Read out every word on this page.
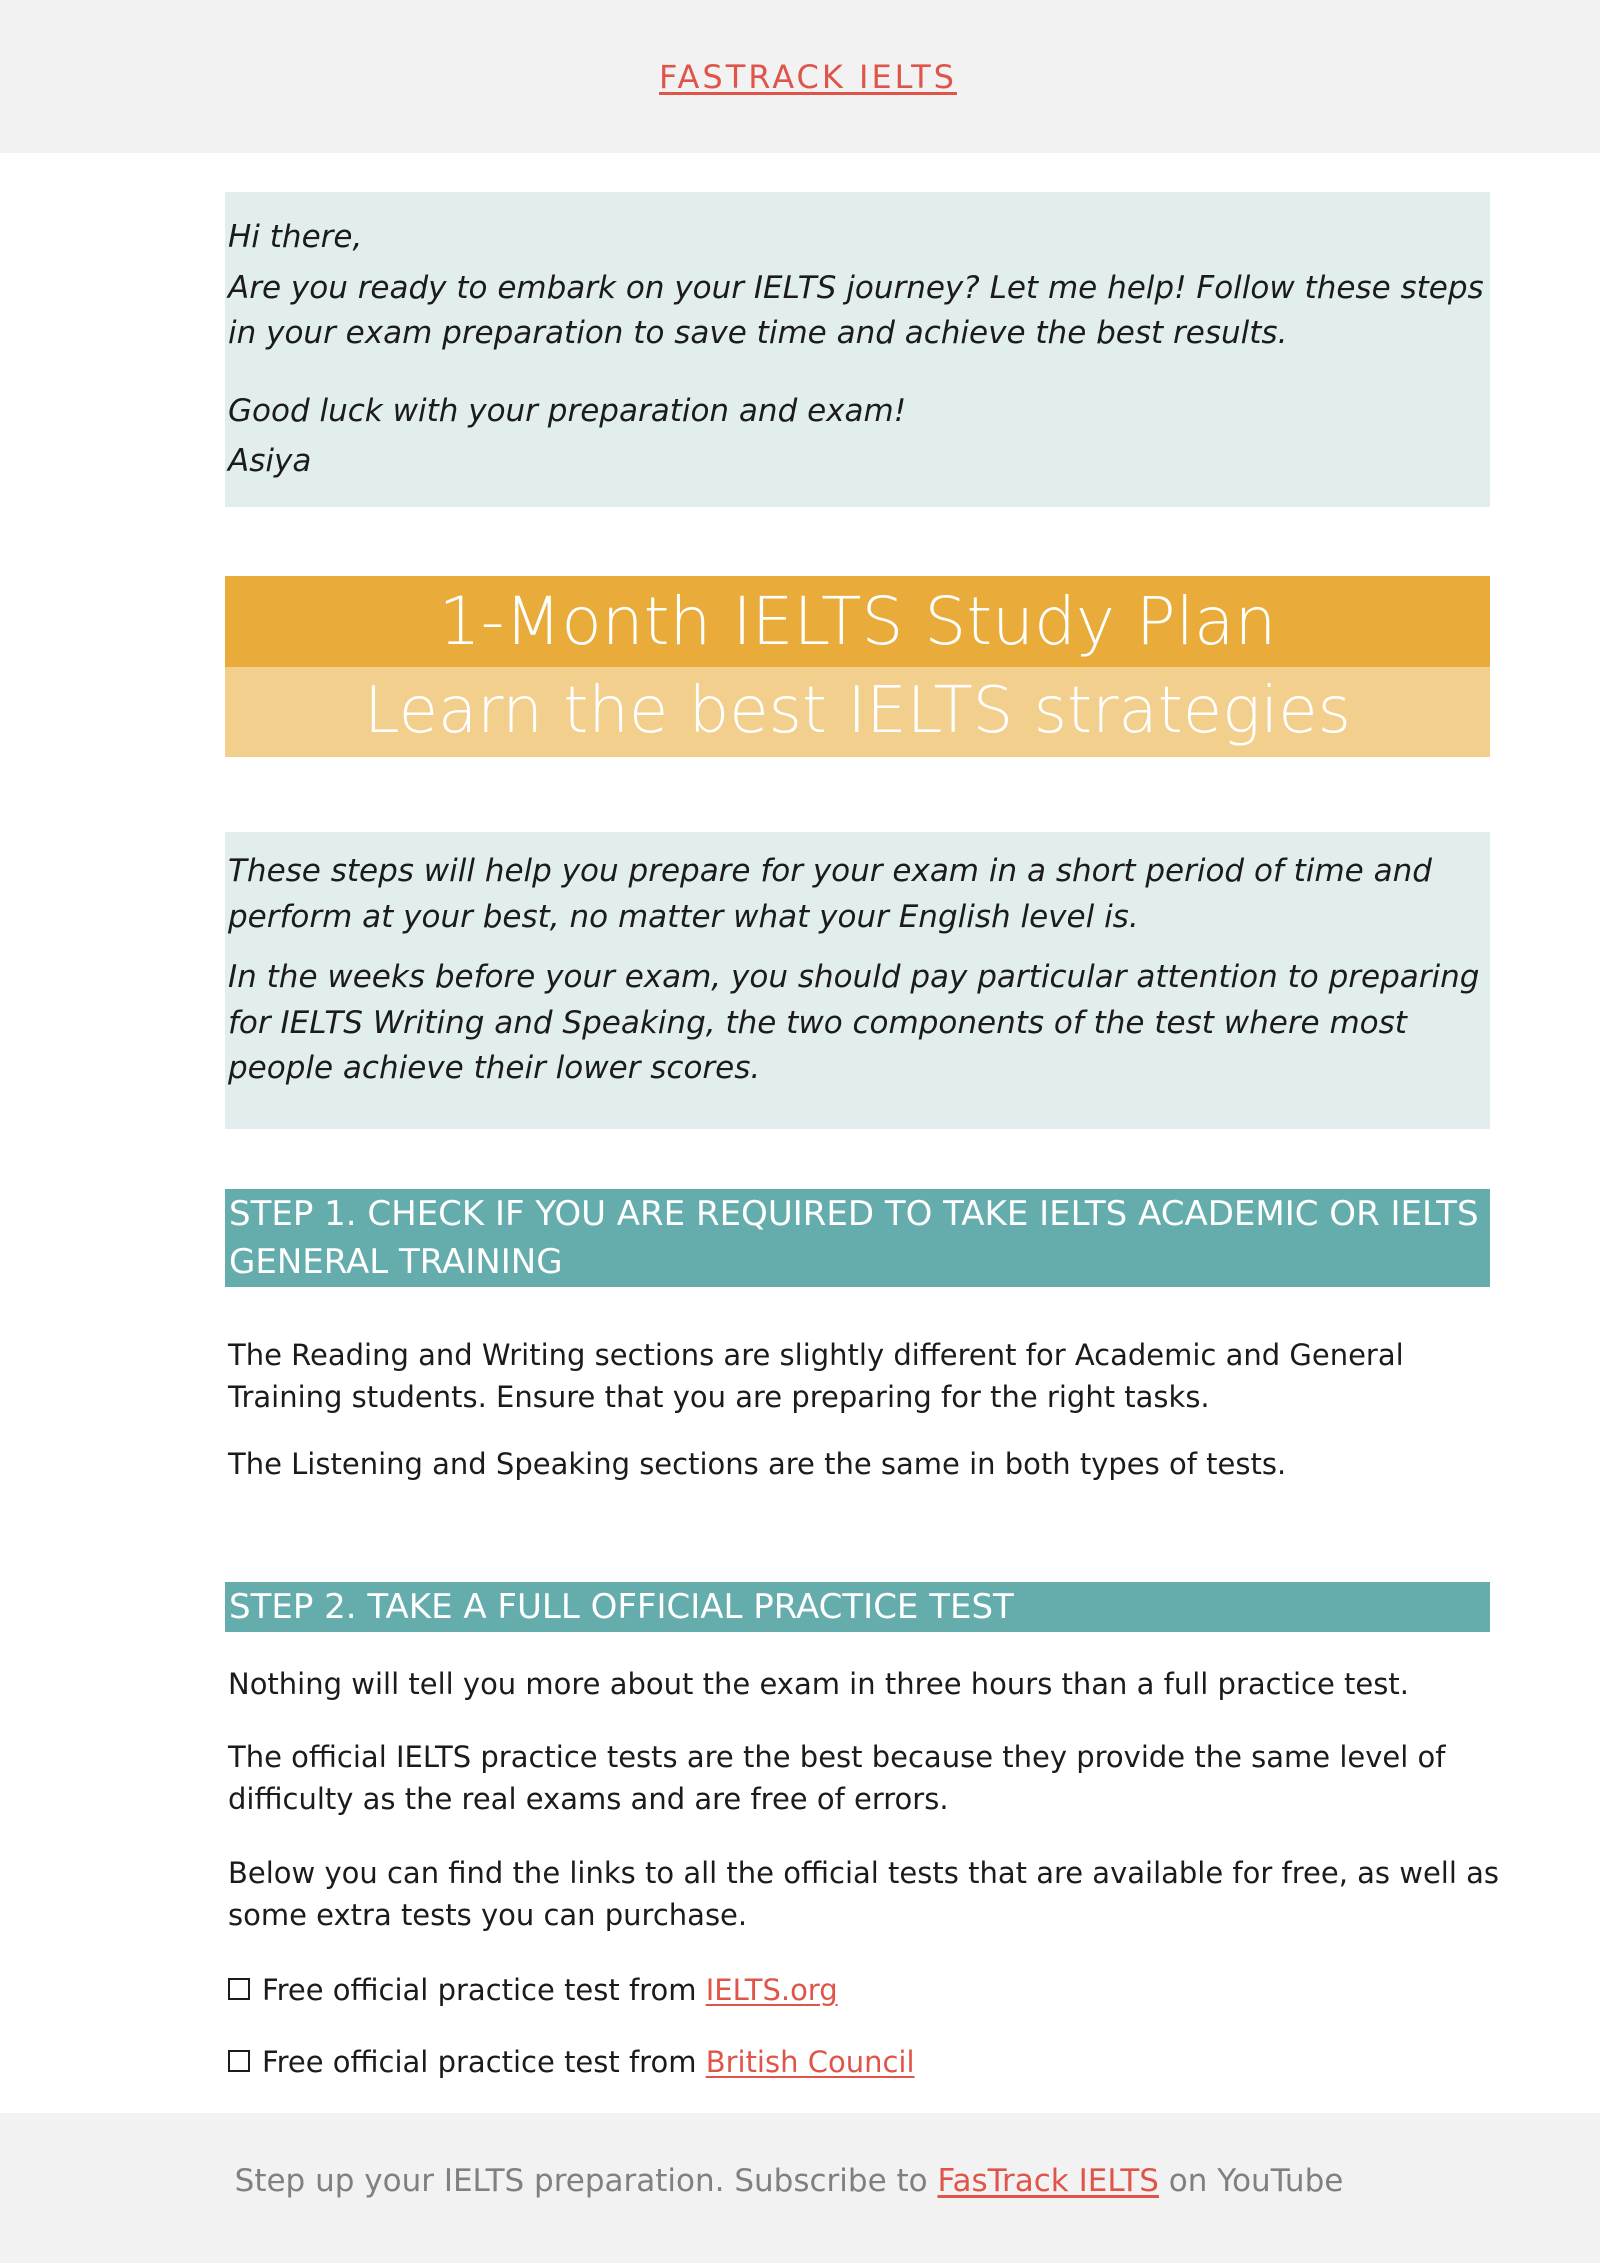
FASTRACK IELTS

Hi there,

Are you ready to embark on your IELTS journey? Let me help! Follow these steps

in your exam preparation to save time and achieve the best results.

Good luck with your preparation and exam!

Asiya

1-Month IELTS Study Plan
Learn the best IELTS strategies

These steps will help you prepare for your exam in a short period of time and

perform at your best, no matter what your English level is.

In the weeks before your exam, you should pay particular attention to preparing

for IELTS Writing and Speaking, the two components of the test where most

people achieve their lower scores.

STEP 1. CHECK IF YOU ARE REQUIRED TO TAKE IELTS ACADEMIC OR IELTS
GENERAL TRAINING

The Reading and Writing sections are slightly different for Academic and General

Training students. Ensure that you are preparing for the right tasks.

The Listening and Speaking sections are the same in both types of tests.

STEP 2. TAKE A FULL OFFICIAL PRACTICE TEST

Nothing will tell you more about the exam in three hours than a full practice test.

The official IELTS practice tests are the best because they provide the same level of

difficulty as the real exams and are free of errors.

Below you can find the links to all the official tests that are available for free, as well as

some extra tests you can purchase.

Free official practice test from IELTS.org
Free official practice test from British Council
Step up your IELTS preparation. Subscribe to FasTrack IELTS on YouTube
